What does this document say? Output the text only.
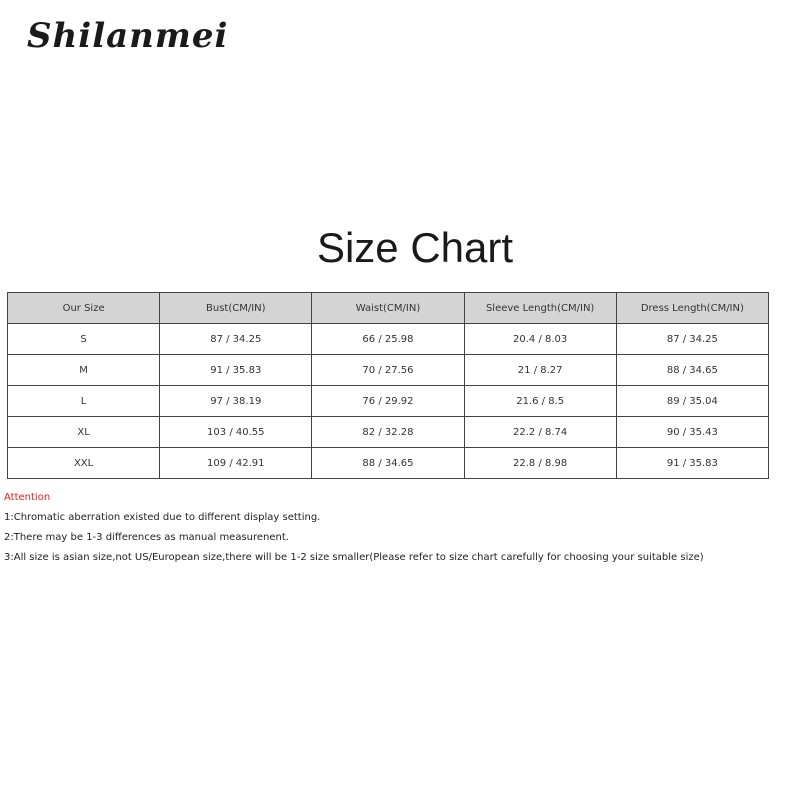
Shilanmei
Size Chart
Our Size	Bust(CM/IN)	Waist(CM/IN)	Sleeve Length(CM/IN)	Dress Length(CM/IN)
S	87 / 34.25	66 / 25.98	20.4 / 8.03	87 / 34.25
M	91 / 35.83	70 / 27.56	21 / 8.27	88 / 34.65
L	97 / 38.19	76 / 29.92	21.6 / 8.5	89 / 35.04
XL	103 / 40.55	82 / 32.28	22.2 / 8.74	90 / 35.43
XXL	109 / 42.91	88 / 34.65	22.8 / 8.98	91 / 35.83
Attention
1:Chromatic aberration existed due to different display setting.
2:There may be 1-3 differences as manual measurenent.
3:All size is asian size,not US/European size,there will be 1-2 size smaller(Please refer to size chart carefully for choosing your suitable size)
